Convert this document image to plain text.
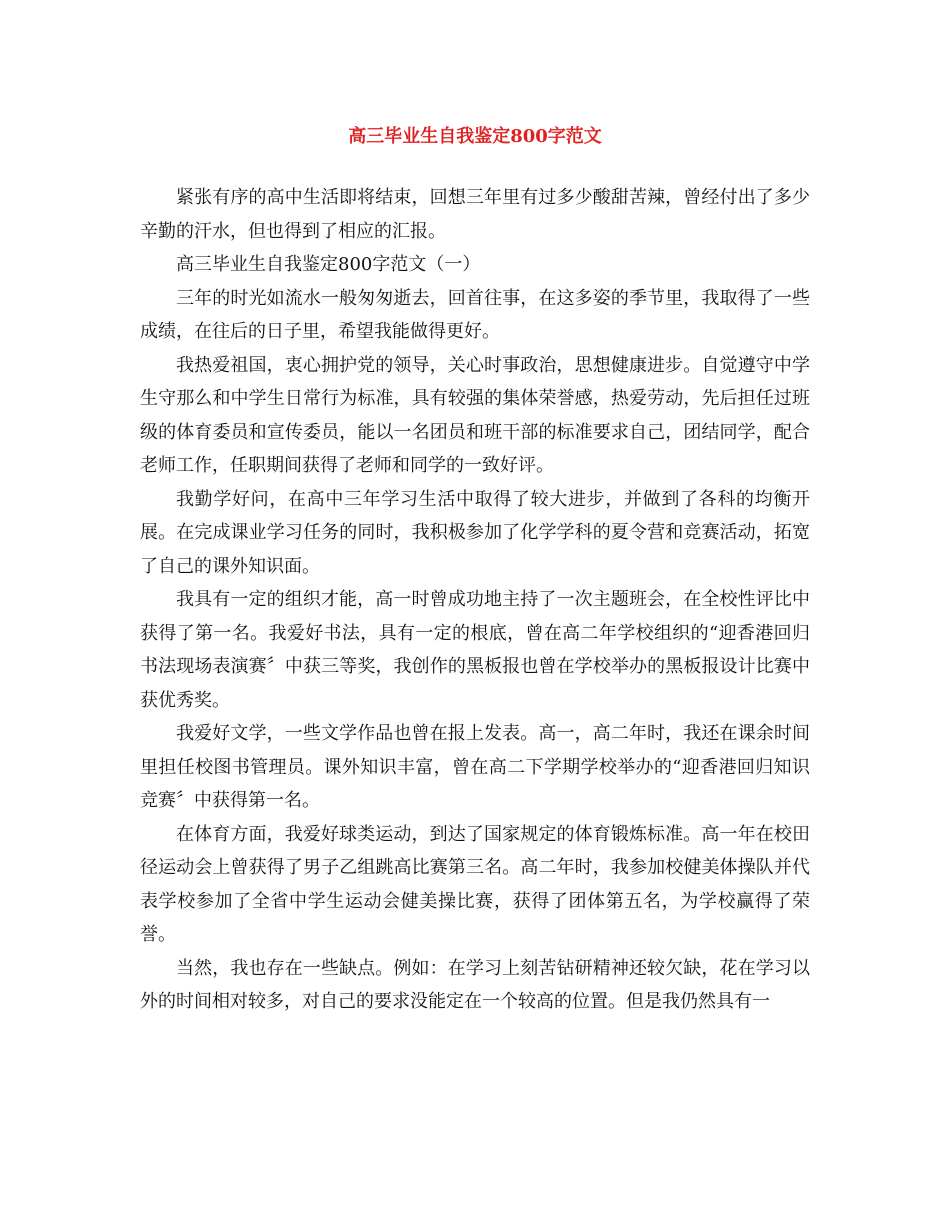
高三毕业生自我鉴定800字范文

紧张有序的高中生活即将结束，回想三年里有过多少酸甜苦辣，曾经付出了多少辛勤的汗水，但也得到了相应的汇报。

高三毕业生自我鉴定800字范文（一）

三年的时光如流水一般匆匆逝去，回首往事，在这多姿的季节里，我取得了一些成绩，在往后的日子里，希望我能做得更好。

我热爱祖国，衷心拥护党的领导，关心时事政治，思想健康进步。自觉遵守中学生守那么和中学生日常行为标准，具有较强的集体荣誉感，热爱劳动，先后担任过班级的体育委员和宣传委员，能以一名团员和班干部的标准要求自己，团结同学，配合老师工作，任职期间获得了老师和同学的一致好评。

我勤学好问，在高中三年学习生活中取得了较大进步，并做到了各科的均衡开展。在完成课业学习任务的同时，我积极参加了化学学科的夏令营和竞赛活动，拓宽了自己的课外知识面。

我具有一定的组织才能，高一时曾成功地主持了一次主题班会，在全校性评比中获得了第一名。我爱好书法，具有一定的根底，曾在高二年学校组织的“迎香港回归书法现场表演赛〞中获三等奖，我创作的黑板报也曾在学校举办的黑板报设计比赛中获优秀奖。

我爱好文学，一些文学作品也曾在报上发表。高一，高二年时，我还在课余时间里担任校图书管理员。课外知识丰富，曾在高二下学期学校举办的“迎香港回归知识竞赛〞中获得第一名。

在体育方面，我爱好球类运动，到达了国家规定的体育锻炼标准。高一年在校田径运动会上曾获得了男子乙组跳高比赛第三名。高二年时，我参加校健美体操队并代表学校参加了全省中学生运动会健美操比赛，获得了团体第五名，为学校赢得了荣誉。

当然，我也存在一些缺点。例如：在学习上刻苦钻研精神还较欠缺，花在学习以外的时间相对较多，对自己的要求没能定在一个较高的位置。但是我仍然具有一
